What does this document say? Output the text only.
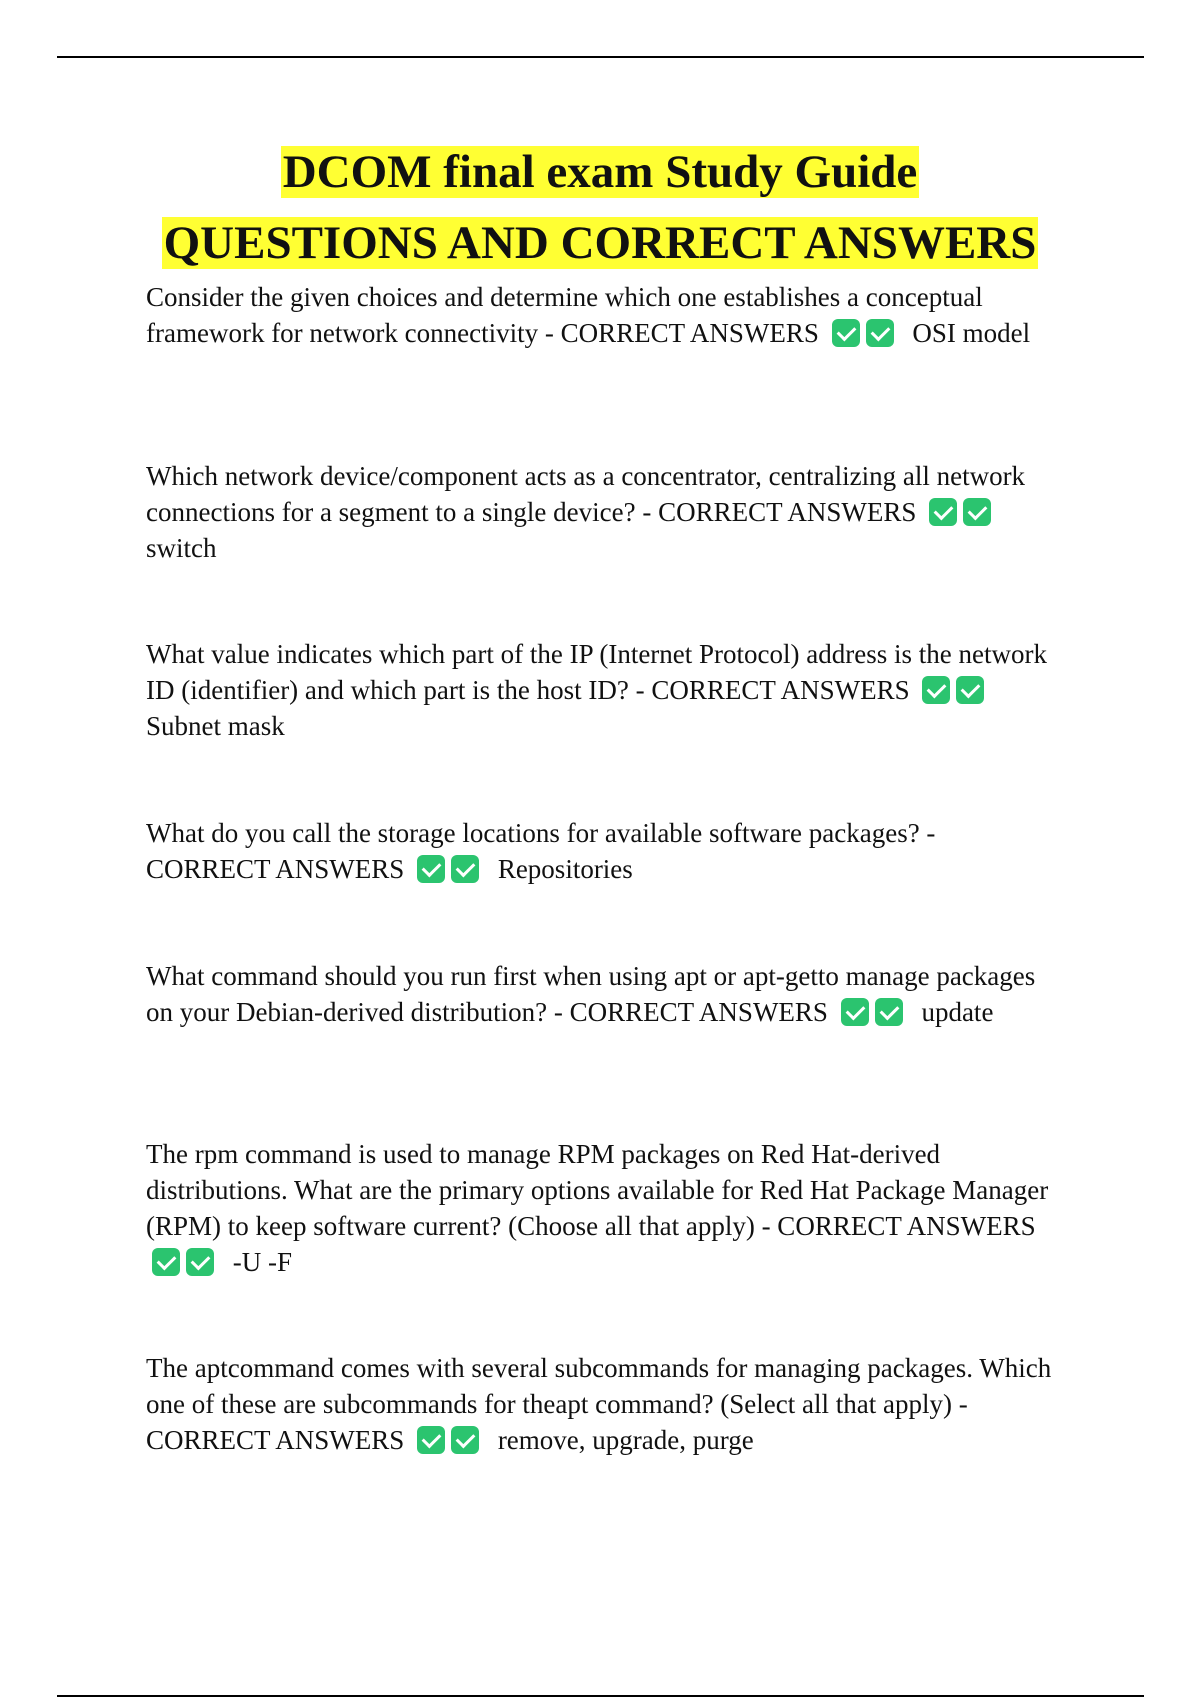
DCOM final exam Study Guide

QUESTIONS AND CORRECT ANSWERS

Consider the given choices and determine which one establishes a conceptual framework for network connectivity - CORRECT ANSWERS	OSI model

Which network device/component acts as a concentrator, centralizing all network connections for a segment to a single device? - CORRECT ANSWERS  switch

What value indicates which part of the IP (Internet Protocol) address is the network ID (identifier) and which part is the host ID? - CORRECT ANSWERS  Subnet mask

What do you call the storage locations for available software packages? - CORRECT ANSWERS	Repositories

What command should you run first when using apt or apt-getto manage packages on your Debian-derived distribution? - CORRECT ANSWERS	update

The rpm command is used to manage RPM packages on Red Hat-derived distributions. What are the primary options available for Red Hat Package Manager (RPM) to keep software current? (Choose all that apply) - CORRECT ANSWERS  -U -F

The aptcommand comes with several subcommands for managing packages. Which one of these are subcommands for theapt command? (Select all that apply) - CORRECT ANSWERS	remove, upgrade, purge
